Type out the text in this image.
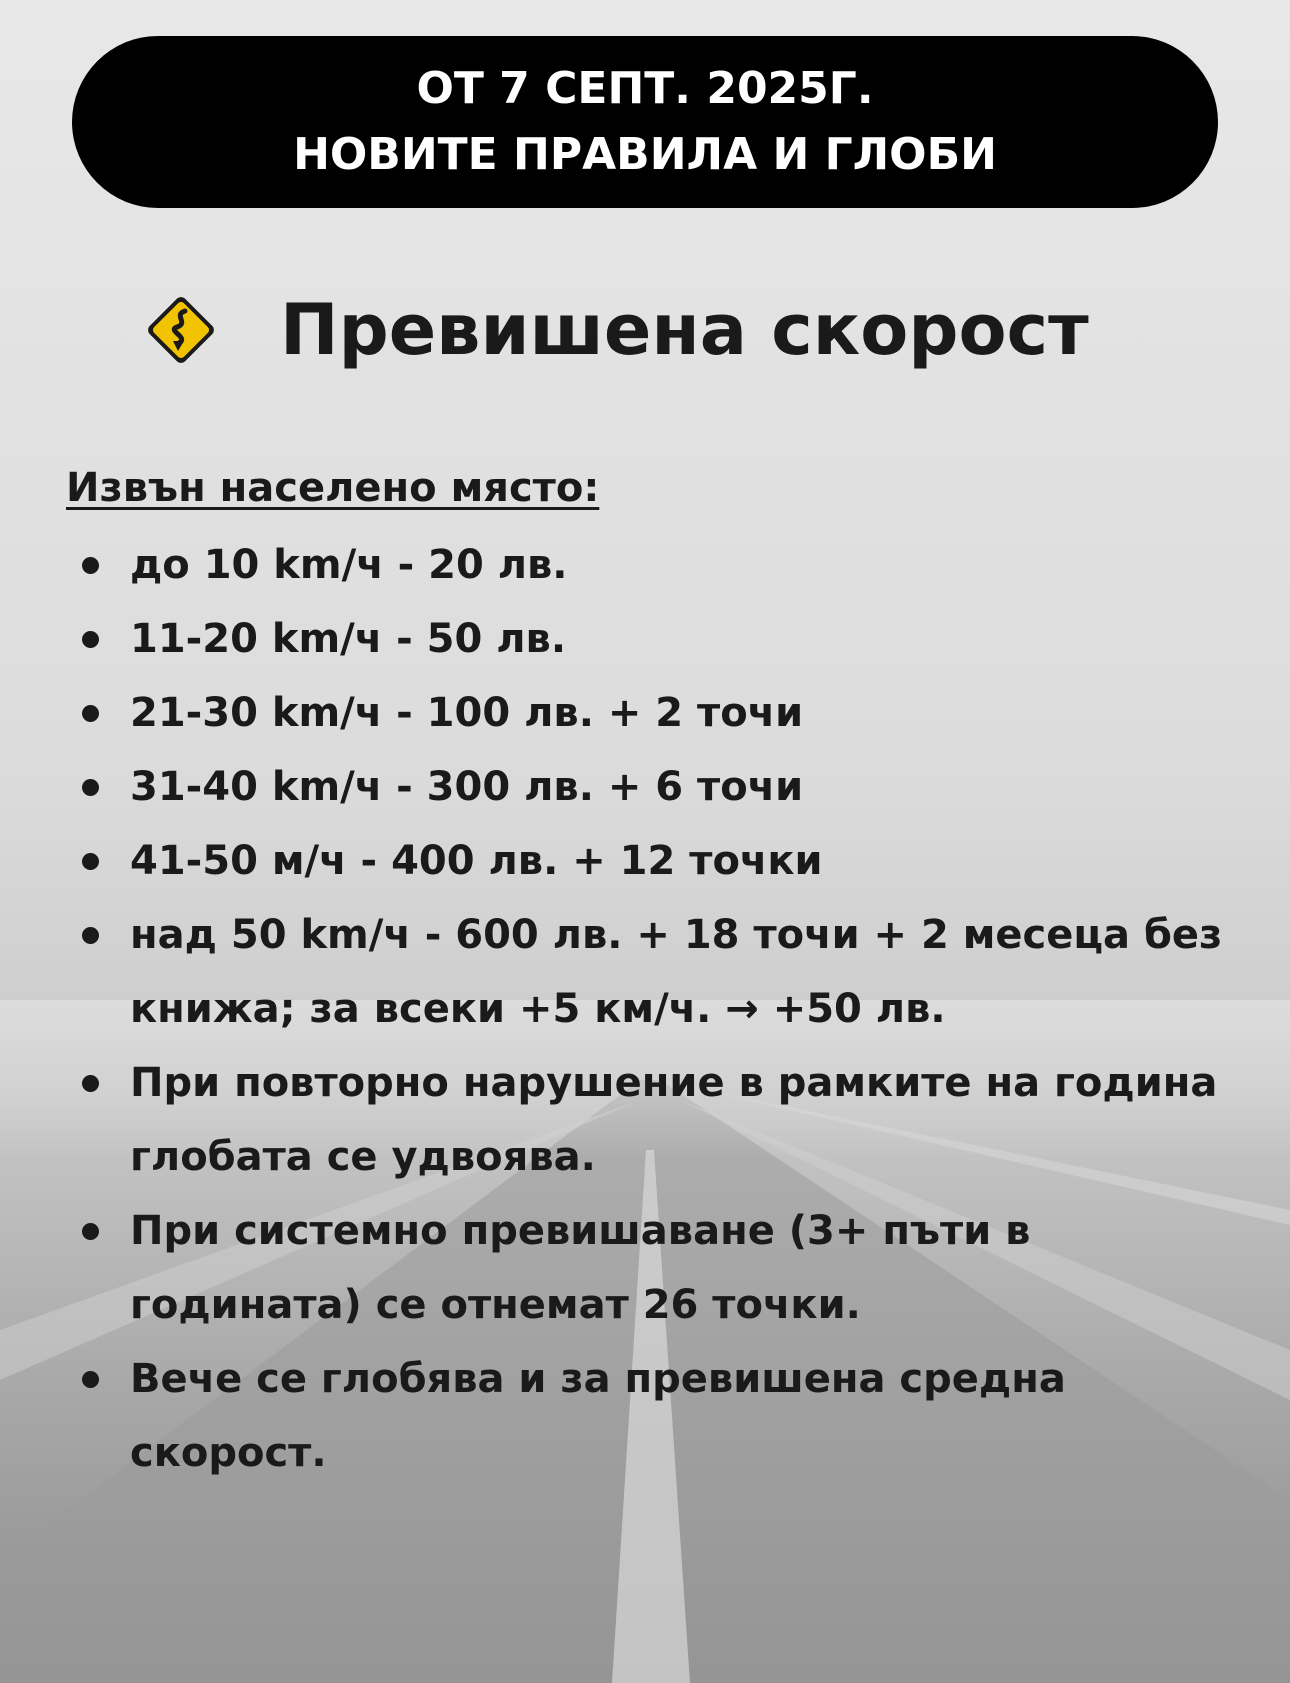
ОТ 7 СЕПТ. 2025Г.
НОВИТЕ ПРАВИЛА И ГЛОБИ
Превишена скорост
Извън населено място:
до 10 km/ч - 20 лв.
11-20 km/ч - 50 лв.
21-30 km/ч - 100 лв. + 2 точи
31-40 km/ч - 300 лв. + 6 точи
41-50 м/ч - 400 лв. + 12 точки
над 50 km/ч - 600 лв. + 18 точи + 2 месеца без книжа; за всеки +5 км/ч. → +50 лв.
При повторно нарушение в рамките на година глобата се удвоява.
При системно превишаване (3+ пъти в годината) се отнемат 26 точки.
Вече се глобява и за превишена средна скорост.
